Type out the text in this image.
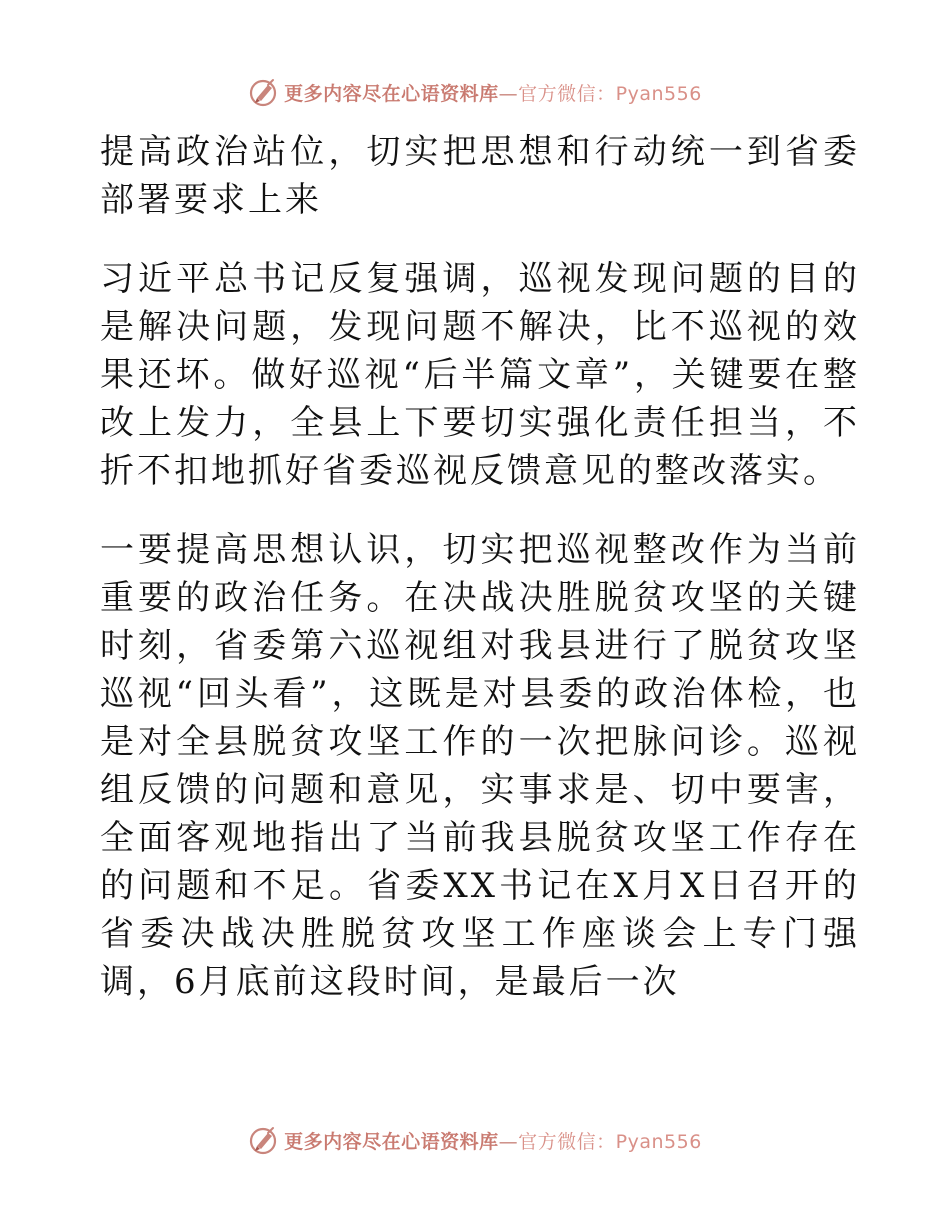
更多内容尽在心语资料库—官方微信：Pyan556

提高政治站位，切实把思想和行动统一到省委部署要求上来

习近平总书记反复强调，巡视发现问题的目的是解决问题，发现问题不解决，比不巡视的效果还坏。做好巡视“后半篇文章”，关键要在整改上发力，全县上下要切实强化责任担当，不折不扣地抓好省委巡视反馈意见的整改落实。

一要提高思想认识，切实把巡视整改作为当前重要的政治任务。在决战决胜脱贫攻坚的关键时刻，省委第六巡视组对我县进行了脱贫攻坚巡视“回头看”，这既是对县委的政治体检，也是对全县脱贫攻坚工作的一次把脉问诊。巡视组反馈的问题和意见，实事求是、切中要害，全面客观地指出了当前我县脱贫攻坚工作存在的问题和不足。省委XX书记在X月X日召开的省委决战决胜脱贫攻坚工作座谈会上专门强调，6月底前这段时间，是最后一次

更多内容尽在心语资料库—官方微信：Pyan556
